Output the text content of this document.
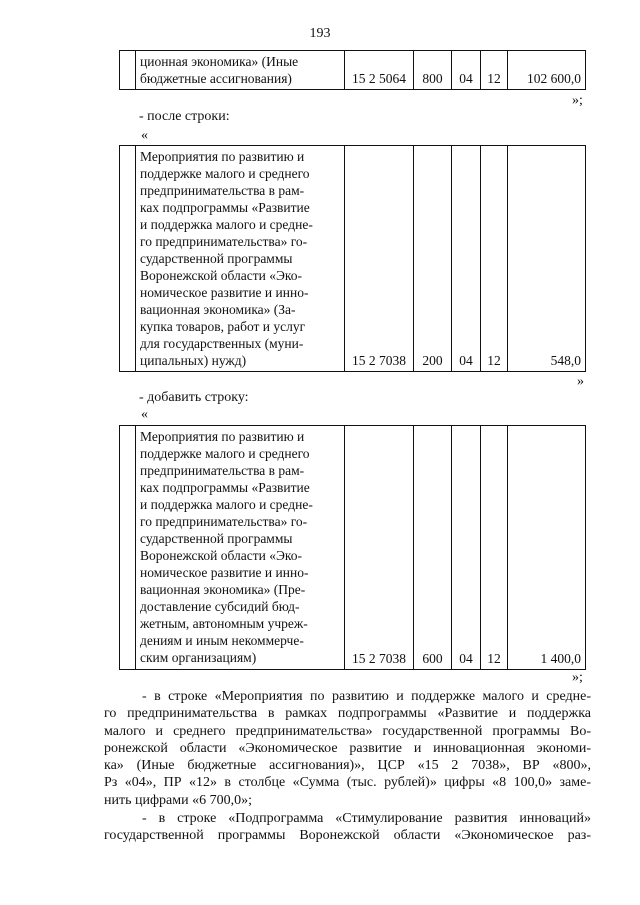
193

ционная экономика» (Иные
бюджетные ассигнования)	15 2 5064	800	04	12	102 600,0
»;
- после строки:
«

Мероприятия по развитию и
поддержке малого и среднего
предпринимательства в рам-
ках подпрограммы «Развитие
и поддержка малого и средне-
го предпринимательства» го-
сударственной программы
Воронежской области «Эко-
номическое развитие и инно-
вационная экономика» (За-
купка товаров, работ и услуг
для государственных (муни-
ципальных) нужд)	15 2 7038	200	04	12	548,0
»
- добавить строку:
«

Мероприятия по развитию и
поддержке малого и среднего
предпринимательства в рам-
ках подпрограммы «Развитие
и поддержка малого и средне-
го предпринимательства» го-
сударственной программы
Воронежской области «Эко-
номическое развитие и инно-
вационная экономика» (Пре-
доставление субсидий бюд-
жетным, автономным учреж-
дениям и иным некоммерче-
ским организациям)	15 2 7038	600	04	12	1 400,0
»;
- в строке «Мероприятия по развитию и поддержке малого и средне-
го предпринимательства в рамках подпрограммы «Развитие и поддержка
малого и среднего предпринимательства» государственной программы Во-
ронежской области «Экономическое развитие и инновационная экономи-
ка» (Иные бюджетные ассигнования)», ЦСР «15 2 7038», ВР «800»,
Рз «04», ПР «12» в столбце «Сумма (тыс. рублей)» цифры «8 100,0» заме-
нить цифрами «6 700,0»;
- в строке «Подпрограмма «Стимулирование развития инноваций»
государственной программы Воронежской области «Экономическое раз-
